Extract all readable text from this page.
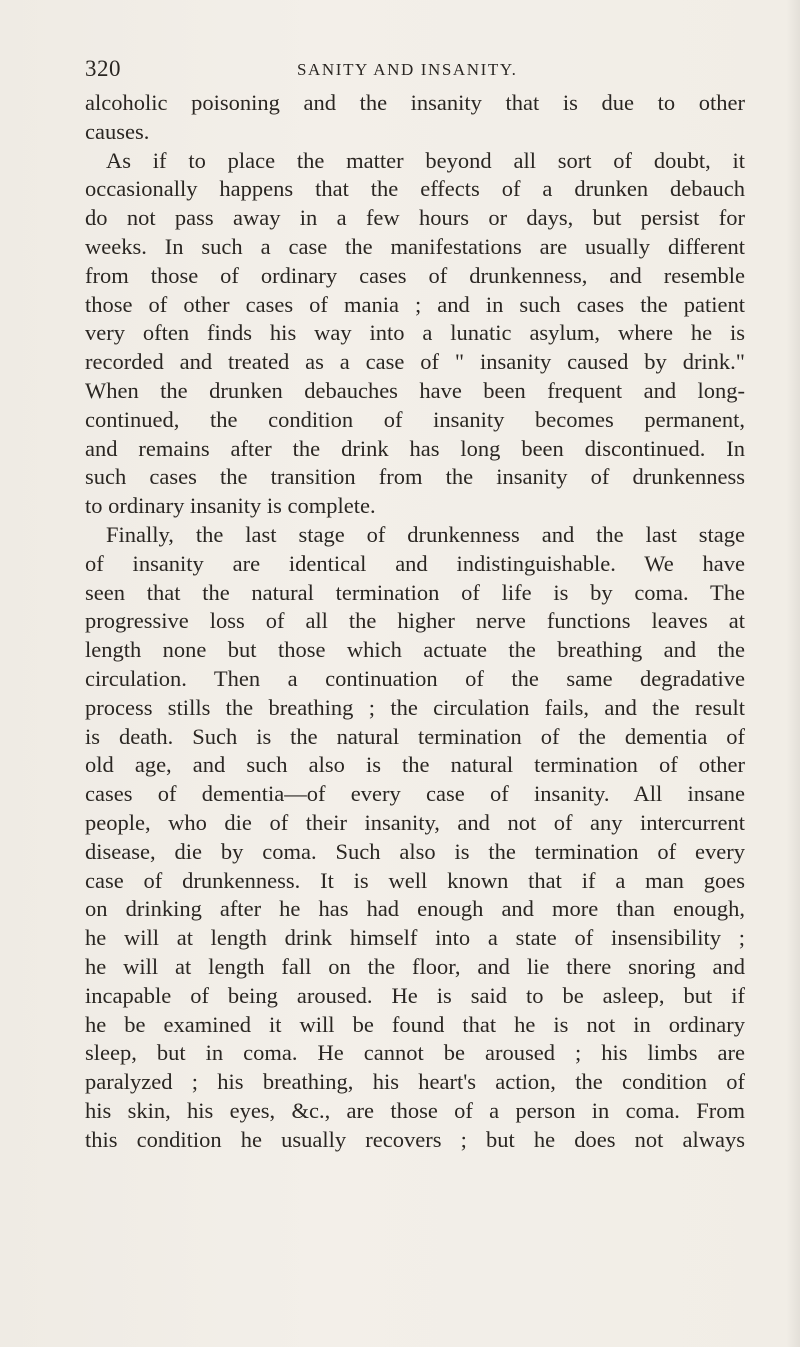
320	SANITY AND INSANITY.
alcoholic poisoning and the insanity that is due to other
causes.
As if to place the matter beyond all sort of doubt, it
occasionally happens that the effects of a drunken debauch
do not pass away in a few hours or days, but persist for
weeks. In such a case the manifestations are usually different
from those of ordinary cases of drunkenness, and resemble
those of other cases of mania ; and in such cases the patient
very often finds his way into a lunatic asylum, where he is
recorded and treated as a case of " insanity caused by drink."
When the drunken debauches have been frequent and long-
continued, the condition of insanity becomes permanent,
and remains after the drink has long been discontinued. In
such cases the transition from the insanity of drunkenness
to ordinary insanity is complete.
Finally, the last stage of drunkenness and the last stage
of insanity are identical and indistinguishable. We have
seen that the natural termination of life is by coma. The
progressive loss of all the higher nerve functions leaves at
length none but those which actuate the breathing and the
circulation. Then a continuation of the same degradative
process stills the breathing ; the circulation fails, and the result
is death. Such is the natural termination of the dementia of
old age, and such also is the natural termination of other
cases of dementia—of every case of insanity. All insane
people, who die of their insanity, and not of any intercurrent
disease, die by coma. Such also is the termination of every
case of drunkenness. It is well known that if a man goes
on drinking after he has had enough and more than enough,
he will at length drink himself into a state of insensibility ;
he will at length fall on the floor, and lie there snoring and
incapable of being aroused. He is said to be asleep, but if
he be examined it will be found that he is not in ordinary
sleep, but in coma. He cannot be aroused ; his limbs are
paralyzed ; his breathing, his heart's action, the condition of
his skin, his eyes, &c., are those of a person in coma. From
this condition he usually recovers ; but he does not always
